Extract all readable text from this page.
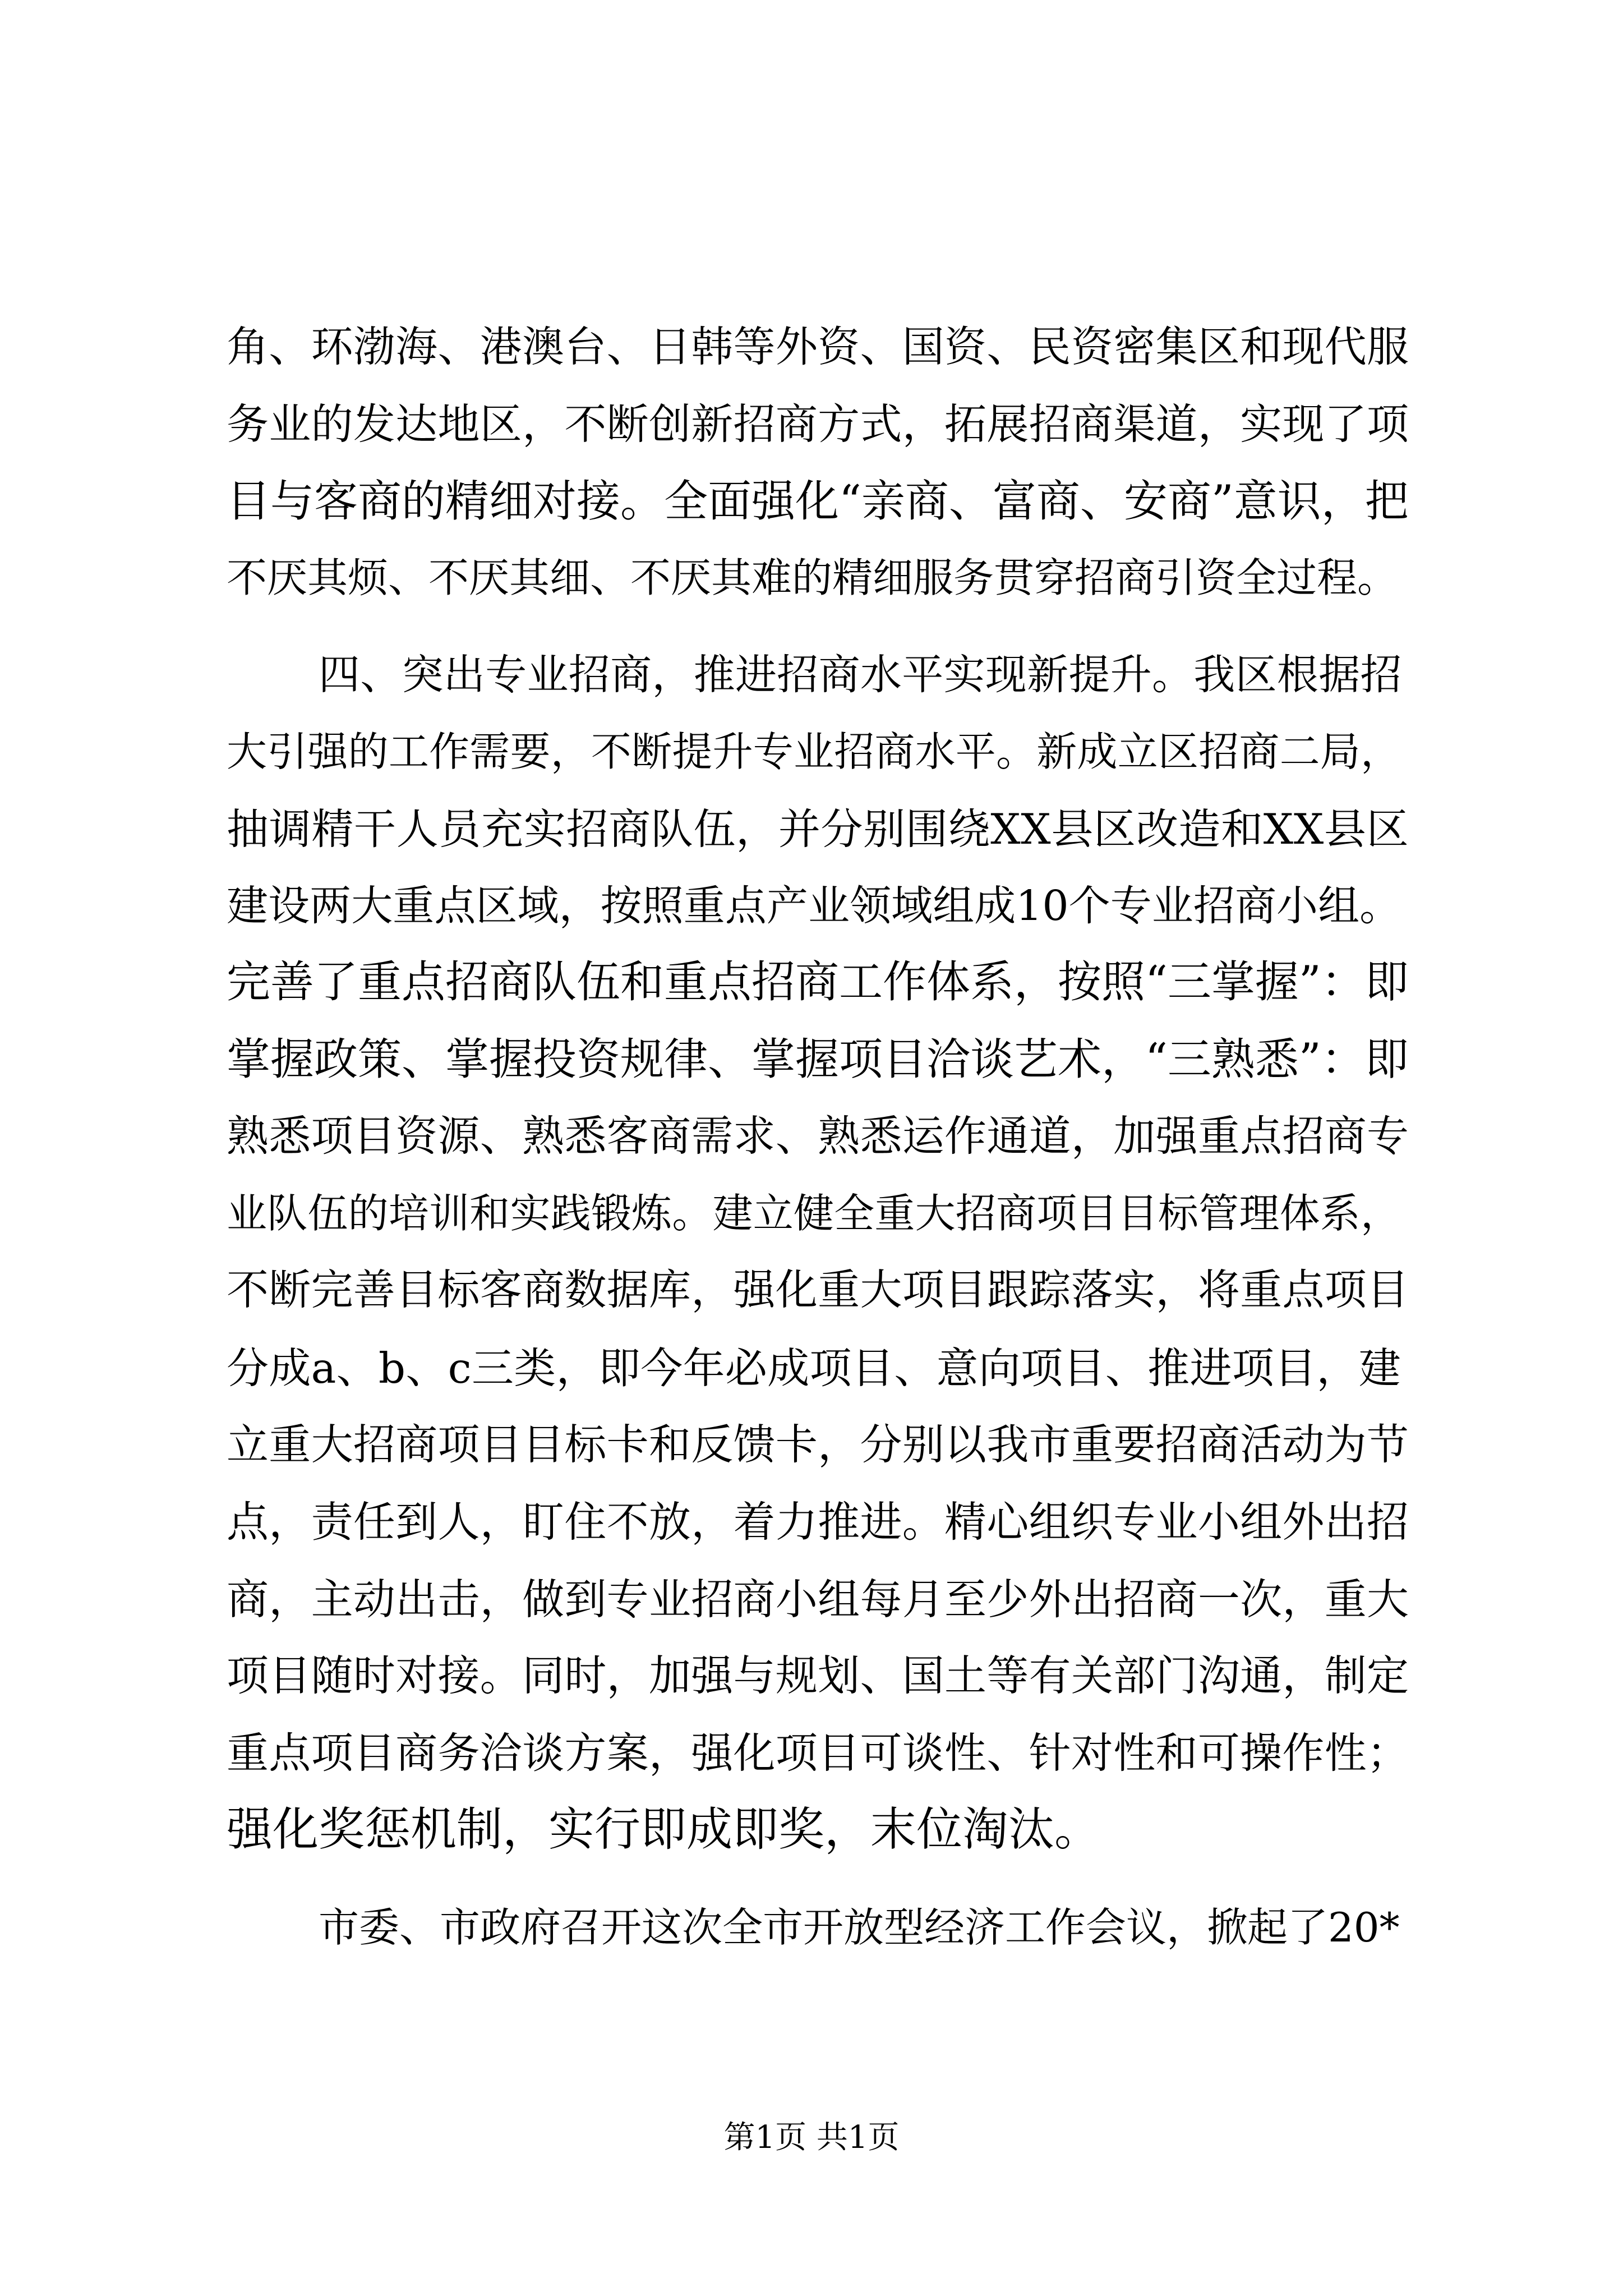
角、环渤海、港澳台、日韩等外资、国资、民资密集区和现代服

务业的发达地区，不断创新招商方式，拓展招商渠道，实现了项

目与客商的精细对接。全面强化“亲商、富商、安商”意识，把

不厌其烦、不厌其细、不厌其难的精细服务贯穿招商引资全过程。

四、突出专业招商，推进招商水平实现新提升。我区根据招

大引强的工作需要，不断提升专业招商水平。新成立区招商二局，

抽调精干人员充实招商队伍，并分别围绕XX县区改造和XX县区

建设两大重点区域，按照重点产业领域组成10个专业招商小组。

完善了重点招商队伍和重点招商工作体系，按照“三掌握”：即

掌握政策、掌握投资规律、掌握项目洽谈艺术，“三熟悉”：即

熟悉项目资源、熟悉客商需求、熟悉运作通道，加强重点招商专

业队伍的培训和实践锻炼。建立健全重大招商项目目标管理体系，

不断完善目标客商数据库，强化重大项目跟踪落实，将重点项目

分成a、b、c三类，即今年必成项目、意向项目、推进项目，建

立重大招商项目目标卡和反馈卡，分别以我市重要招商活动为节

点，责任到人，盯住不放，着力推进。精心组织专业小组外出招

商，主动出击，做到专业招商小组每月至少外出招商一次，重大

项目随时对接。同时，加强与规划、国土等有关部门沟通，制定

重点项目商务洽谈方案，强化项目可谈性、针对性和可操作性；

强化奖惩机制，实行即成即奖，末位淘汰。

市委、市政府召开这次全市开放型经济工作会议，掀起了20*

第1页 共1页
